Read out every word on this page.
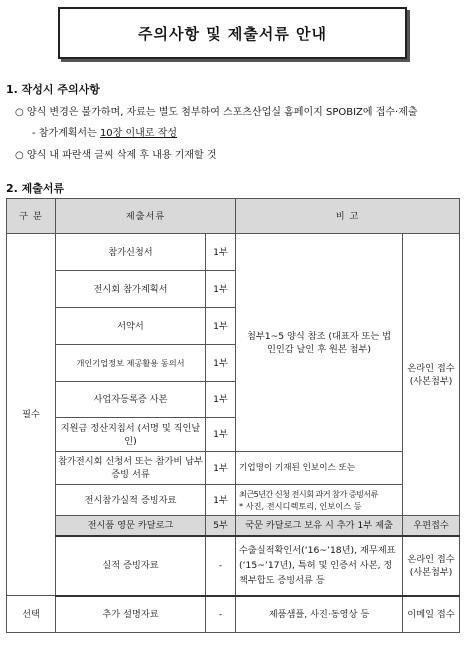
주의사항 및 제출서류 안내
1. 작성시 주의사항
○ 양식 변경은 불가하며, 자료는 별도 첨부하여 스포츠산업실 홈페이지 SPOBIZ에 접수·제출
- 참가계획서는 10장 이내로 작성
○ 양식 내 파란색 글씨 삭제 후 내용 기재할 것
2. 제출서류
구 분	제출서류		비 고	
필수	참가신청서	1부	첨부1~5 양식 참조 (대표자 또는 법인인감 날인 후 원본 첨부)	온라인 접수 (사본첨부)
	전시회 참가계획서	1부		
	서약서	1부		
	개인기업정보 제공활용 동의서	1부		
	사업자등록증 사본	1부		
	지원금 정산지침서 (서명 및 직인날인)	1부		
	참가전시회 신청서 또는 참가비 납부증빙 서류	1부	기업명이 기재된 인보이스 또는	
	전시참가실적 증빙자료	1부	최근5년간 신청 전시회 과거 참가 증빙서류
* 사진, 전시디렉토리, 인보이스 등	

	전시품 영문 카달로그	5부	국문 카달로그 보유 시 추가 1부 제출	우편접수
	실적 증빙자료	-	수출실적확인서(‘16~’18년), 재무제표(‘15~’17년), 특허 및 인증서 사본, 정책부합도 증빙서류 등	온라인 접수 (사본첨부)
선택	추가 설명자료	-	제품샘플, 사진·동영상 등	이메일 접수
